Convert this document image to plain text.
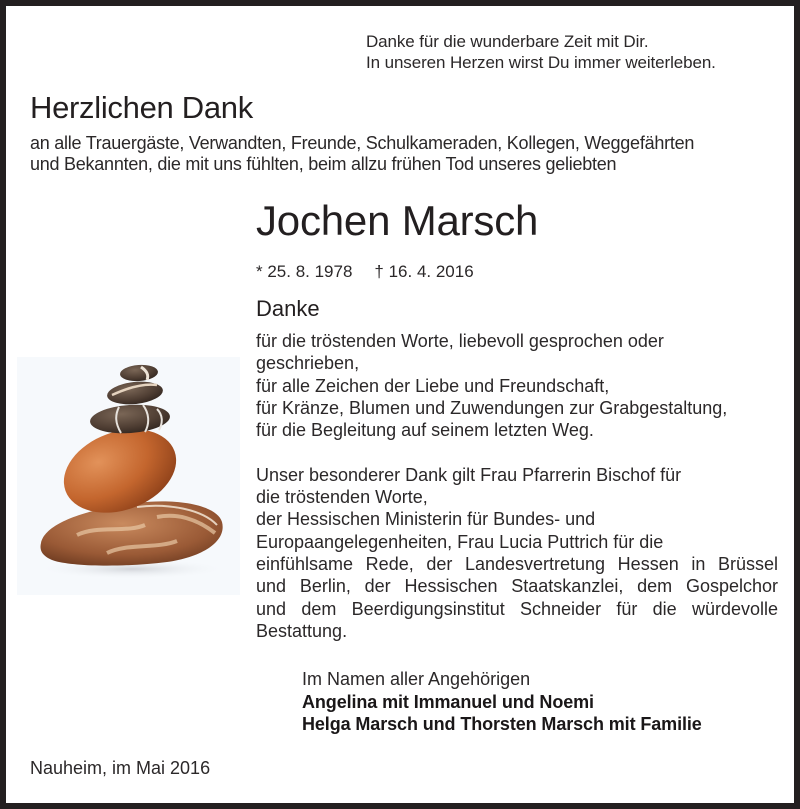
Danke für die wunderbare Zeit mit Dir.
In unseren Herzen wirst Du immer weiterleben.
Herzlichen Dank
an alle Trauergäste, Verwandten, Freunde, Schulkameraden, Kollegen, Weggefährten
und Bekannten, die mit uns fühlten, beim allzu frühen Tod unseres geliebten
Jochen Marsch
* 25. 8. 1978 † 16. 4. 2016
Danke

für die tröstenden Worte, liebevoll gesprochen oder
geschrieben,
für alle Zeichen der Liebe und Freundschaft,
für Kränze, Blumen und Zuwendungen zur Grabgestaltung,
für die Begleitung auf seinem letzten Weg.

Unser besonderer Dank gilt Frau Pfarrerin Bischof für
die tröstenden Worte,
der Hessischen Ministerin für Bundes- und
Europaangelegenheiten, Frau Lucia Puttrich für die
einfühlsame Rede, der Landesvertretung Hessen in Brüssel
und Berlin, der Hessischen Staatskanzlei, dem Gospelchor
und dem Beerdigungsinstitut Schneider für die würdevolle
Bestattung.

Im Namen aller Angehörigen
Angelina mit Immanuel und Noemi
Helga Marsch und Thorsten Marsch mit Familie
Nauheim, im Mai 2016
